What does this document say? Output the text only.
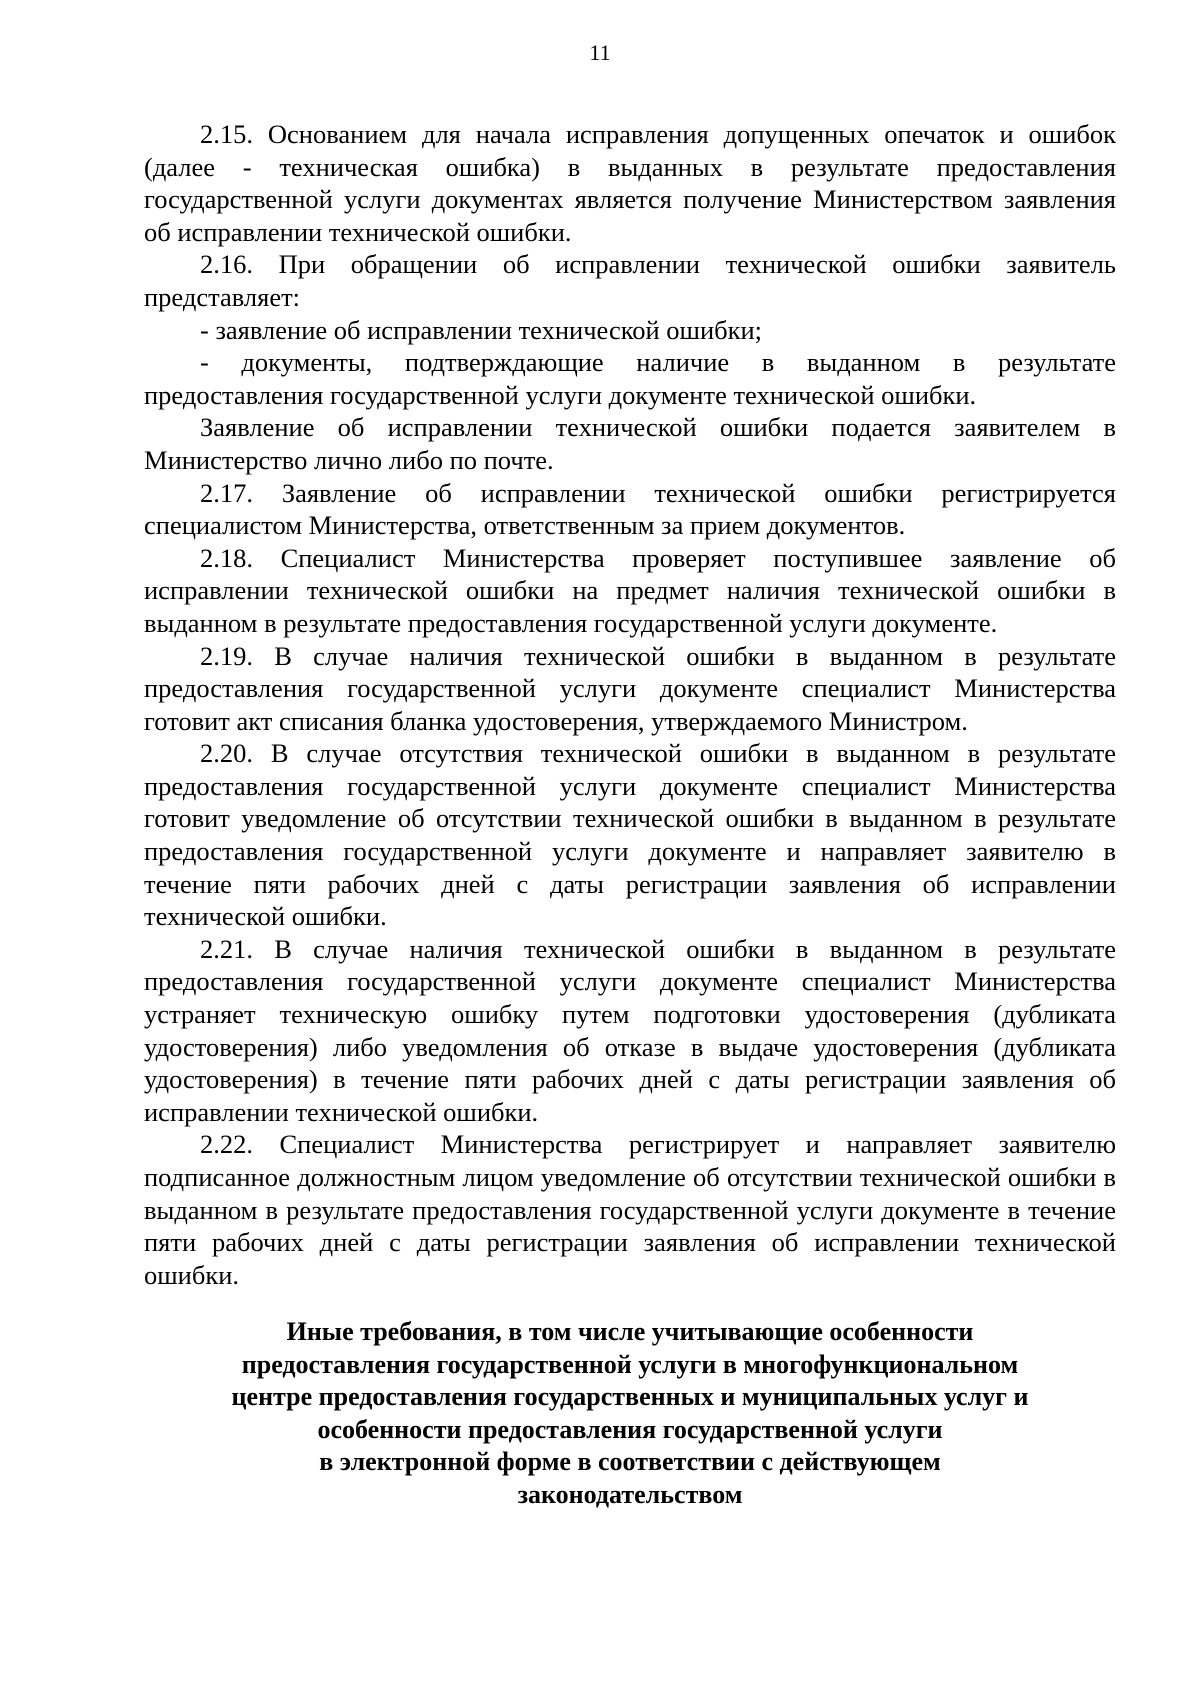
11

2.15. Основанием для начала исправления допущенных опечаток и ошибок (далее - техническая ошибка) в выданных в результате предоставления государственной услуги документах является получение Министерством заявления об исправлении технической ошибки.

2.16. При обращении об исправлении технической ошибки заявитель представляет:

- заявление об исправлении технической ошибки;

- документы, подтверждающие наличие в выданном в результате предоставления государственной услуги документе технической ошибки.

Заявление об исправлении технической ошибки подается заявителем в Министерство лично либо по почте.

2.17. Заявление об исправлении технической ошибки регистрируется специалистом Министерства, ответственным за прием документов.

2.18. Специалист Министерства проверяет поступившее заявление об исправлении технической ошибки на предмет наличия технической ошибки в выданном в результате предоставления государственной услуги документе.

2.19. В случае наличия технической ошибки в выданном в результате предоставления государственной услуги документе специалист Министерства готовит акт списания бланка удостоверения, утверждаемого Министром.

2.20. В случае отсутствия технической ошибки в выданном в результате предоставления государственной услуги документе специалист Министерства готовит уведомление об отсутствии технической ошибки в выданном в результате предоставления государственной услуги документе и направляет заявителю в течение пяти рабочих дней с даты регистрации заявления об исправлении технической ошибки.

2.21. В случае наличия технической ошибки в выданном в результате предоставления государственной услуги документе специалист Министерства устраняет техническую ошибку путем подготовки удостоверения (дубликата удостоверения) либо уведомления об отказе в выдаче удостоверения (дубликата удостоверения) в течение пяти рабочих дней с даты регистрации заявления об исправлении технической ошибки.

2.22. Специалист Министерства регистрирует и направляет заявителю подписанное должностным лицом уведомление об отсутствии технической ошибки в выданном в результате предоставления государственной услуги документе в течение пяти рабочих дней с даты регистрации заявления об исправлении технической ошибки.

Иные требования, в том числе учитывающие особенности
предоставления государственной услуги в многофункциональном
центре предоставления государственных и муниципальных услуг и
особенности предоставления государственной услуги
в электронной форме в соответствии с действующем
законодательством
